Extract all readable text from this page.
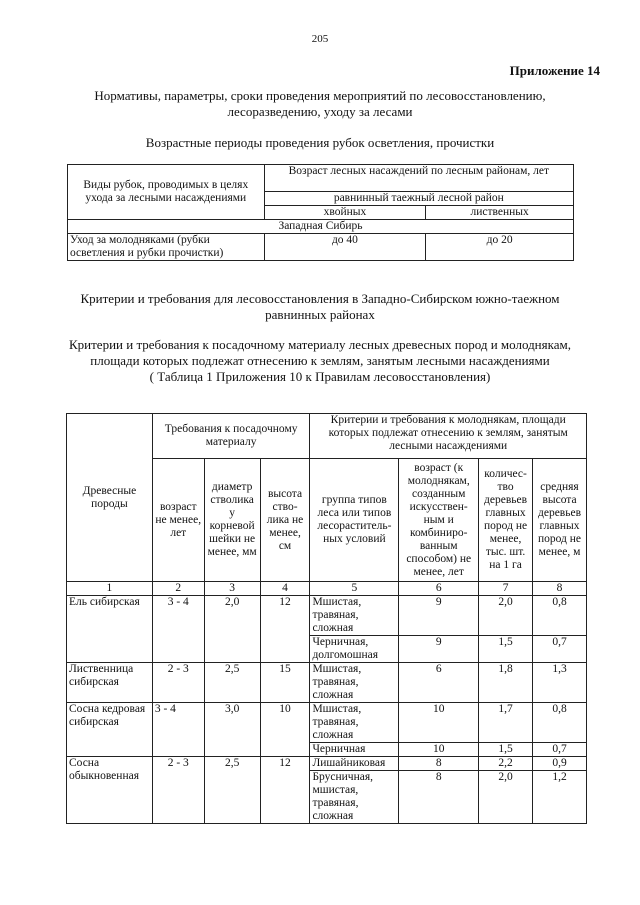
205
Приложение 14
Нормативы, параметры, сроки проведения мероприятий по лесовосстановлению, лесоразведению, уходу за лесами
Возрастные периоды проведения рубок осветления, прочистки
Виды рубок, проводимых в целях ухода за лесными насаждениями	Возраст лесных насаждений по лесным районам, лет	
	равнинный таежный лесной район	
	хвойных	лиственных
Западная Сибирь		
Уход за молодняками (рубки осветления и рубки прочистки)	до 40	до 20
Критерии и требования для лесовосстановления в Западно-Сибирском южно-таежном равнинных районах
Критерии и требования к посадочному материалу лесных древесных пород и молоднякам, площади которых подлежат отнесению к землям, занятым лесными насаждениями
( Таблица 1 Приложения 10 к Правилам лесовосстановления)
Древесные породы	Требования к посадочному материалу			Критерии и требования к молоднякам, площади которых подлежат отнесению к землям, занятым лесными насаждениями			
	возраст не менее, лет	диаметр стволика у корневой шейки не менее, мм	высота ство-лика не менее, см	группа типов леса или типов лесораститель-ных условий	возраст (к молоднякам, созданным искусствен-ным и комбиниро-ванным способом) не менее, лет	количес-тво деревьев главных пород не менее, тыс. шт. на 1 га	средняя высота деревьев главных пород не менее, м
1	2	3	4	5	6	7	8
Ель сибирская	3 - 4	2,0	12	Мшистая, травяная, сложная	9	2,0	0,8
				Черничная, долгомошная	9	1,5	0,7
Лиственница сибирская	2 - 3	2,5	15	Мшистая, травяная, сложная	6	1,8	1,3
Сосна кедровая сибирская	3 - 4	3,0	10	Мшистая, травяная, сложная	10	1,7	0,8
				Черничная	10	1,5	0,7
Сосна обыкновенная	2 - 3	2,5	12	Лишайниковая	8	2,2	0,9
				Брусничная, мшистая, травяная, сложная	8	2,0	1,2
